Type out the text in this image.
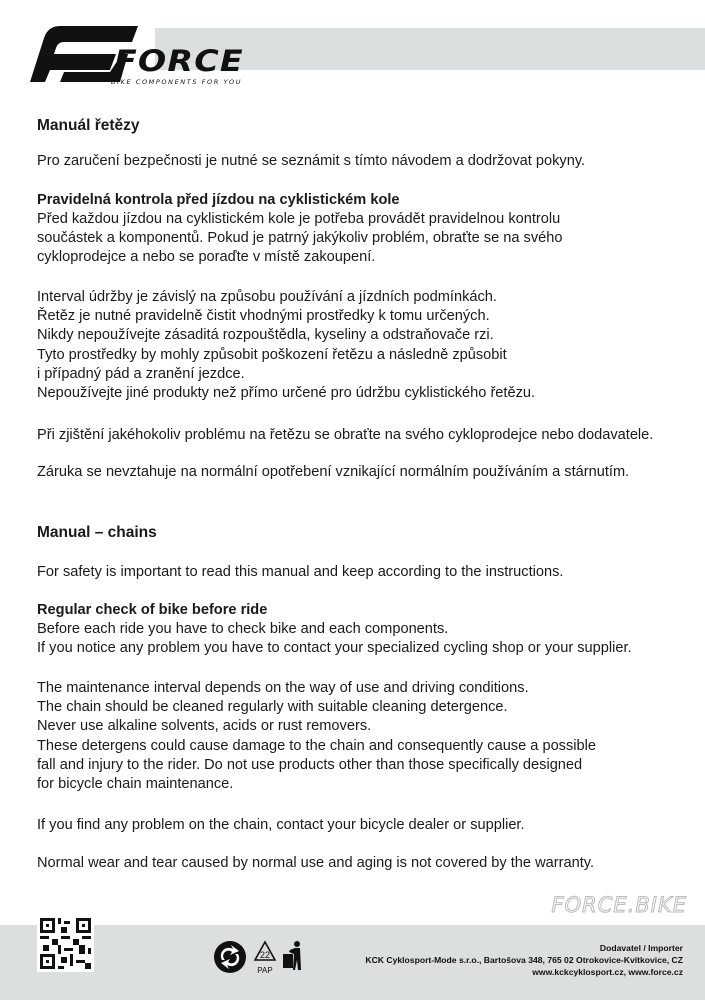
FORCE
BIKE COMPONENTS FOR YOU
Manuál řetězy
Pro zaručení bezpečnosti je nutné se seznámit s tímto návodem a dodržovat pokyny.
Pravidelná kontrola před jízdou na cyklistickém kole
Před každou jízdou na cyklistickém kole je potřeba provádět pravidelnou kontrolu
součástek a komponentů. Pokud je patrný jakýkoliv problém, obraťte se na svého
cykloprodejce a nebo se poraďte v místě zakoupení.
Interval údržby je závislý na způsobu používání a jízdních podmínkách.
Řetěz je nutné pravidelně čistit vhodnými prostředky k tomu určených.
Nikdy nepoužívejte zásaditá rozpouštědla, kyseliny a odstraňovače rzi.
Tyto prostředky by mohly způsobit poškození řetězu a následně způsobit
i případný pád a zranění jezdce.
Nepoužívejte jiné produkty než přímo určené pro údržbu cyklistického řetězu.
Při zjištění jakéhokoliv problému na řetězu se obraťte na svého cykloprodejce nebo dodavatele.
Záruka se nevztahuje na normální opotřebení vznikající normálním používáním a stárnutím.
Manual – chains
For safety is important to read this manual and keep according to the instructions.
Regular check of bike before ride
Before each ride you have to check bike and each components.
If you notice any problem you have to contact your specialized cycling shop or your supplier.
The maintenance interval depends on the way of use and driving conditions.
The chain should be cleaned regularly with suitable cleaning detergence.
Never use alkaline solvents, acids or rust removers.
These detergens could cause damage to the chain and consequently cause a possible
fall and injury to the rider. Do not use products other than those specifically designed
for bicycle chain maintenance.
If you find any problem on the chain, contact your bicycle dealer or supplier.
Normal wear and tear caused by normal use and aging is not covered by the warranty.
FORCE.BIKE
22
PAP
Dodavatel / Importer
KCK Cyklosport-Mode s.r.o., Bartošova 348, 765 02 Otrokovice-Kvítkovice, CZ
www.kckcyklosport.cz, www.force.cz
